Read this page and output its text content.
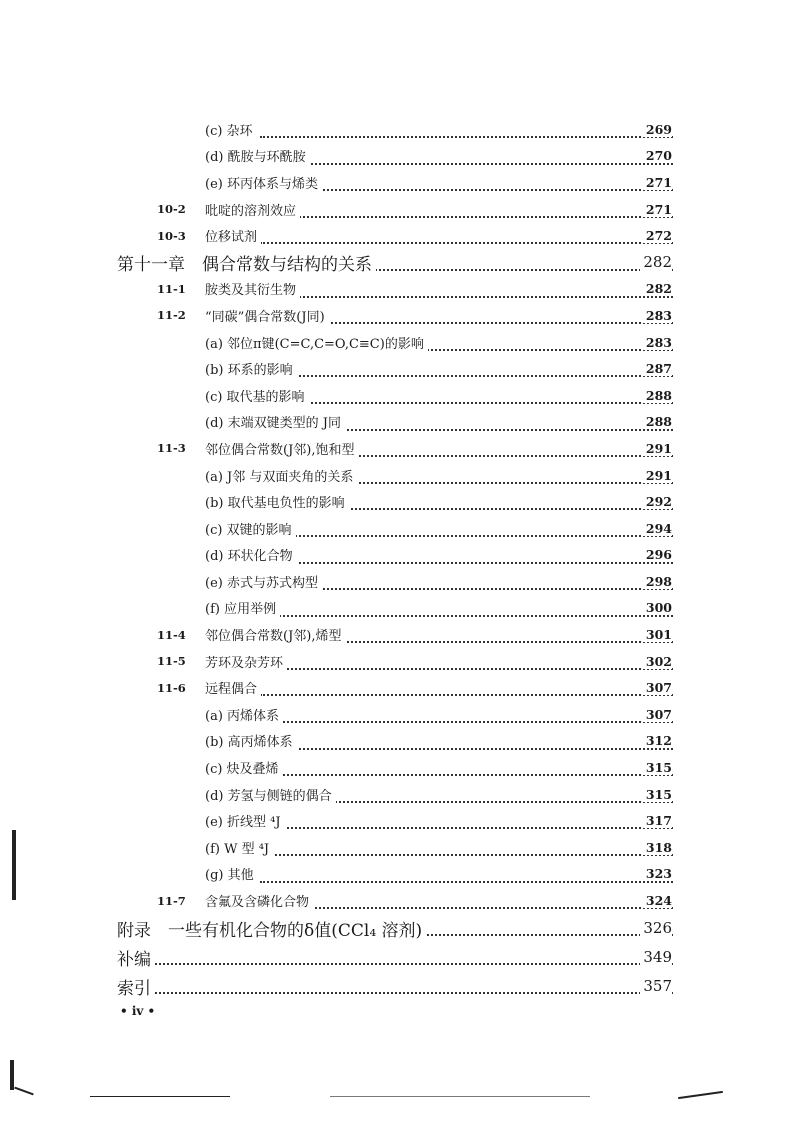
(c) 杂环	269
(d) 酰胺与环酰胺	270
(e) 环丙体系与烯类	271
10-2 吡啶的溶剂效应	271
10-3 位移试剂	272
第十一章　偶合常数与结构的关系	282
11-1 胺类及其衍生物	282
11-2 “同碳”偶合常数(J同)	283
(a) 邻位π键(C=C,C=O,C≡C)的影响	283
(b) 环系的影响	287
(c) 取代基的影响	288
(d) 末端双键类型的 J同	288
11-3 邻位偶合常数(J邻),饱和型	291
(a) J邻 与双面夹角的关系	291
(b) 取代基电负性的影响	292
(c) 双键的影响	294
(d) 环状化合物	296
(e) 赤式与苏式构型	298
(f) 应用举例	300
11-4 邻位偶合常数(J邻),烯型	301
11-5 芳环及杂芳环	302
11-6 远程偶合	307
(a) 丙烯体系	307
(b) 高丙烯体系	312
(c) 炔及叠烯	315
(d) 芳氢与侧链的偶合	315
(e) 折线型 ⁴J	317
(f) W 型 ⁴J	318
(g) 其他	323
11-7 含氟及含磷化合物	324
附录　一些有机化合物的δ值(CCl₄ 溶剂)	326
补编	349
索引	357
• iv •
